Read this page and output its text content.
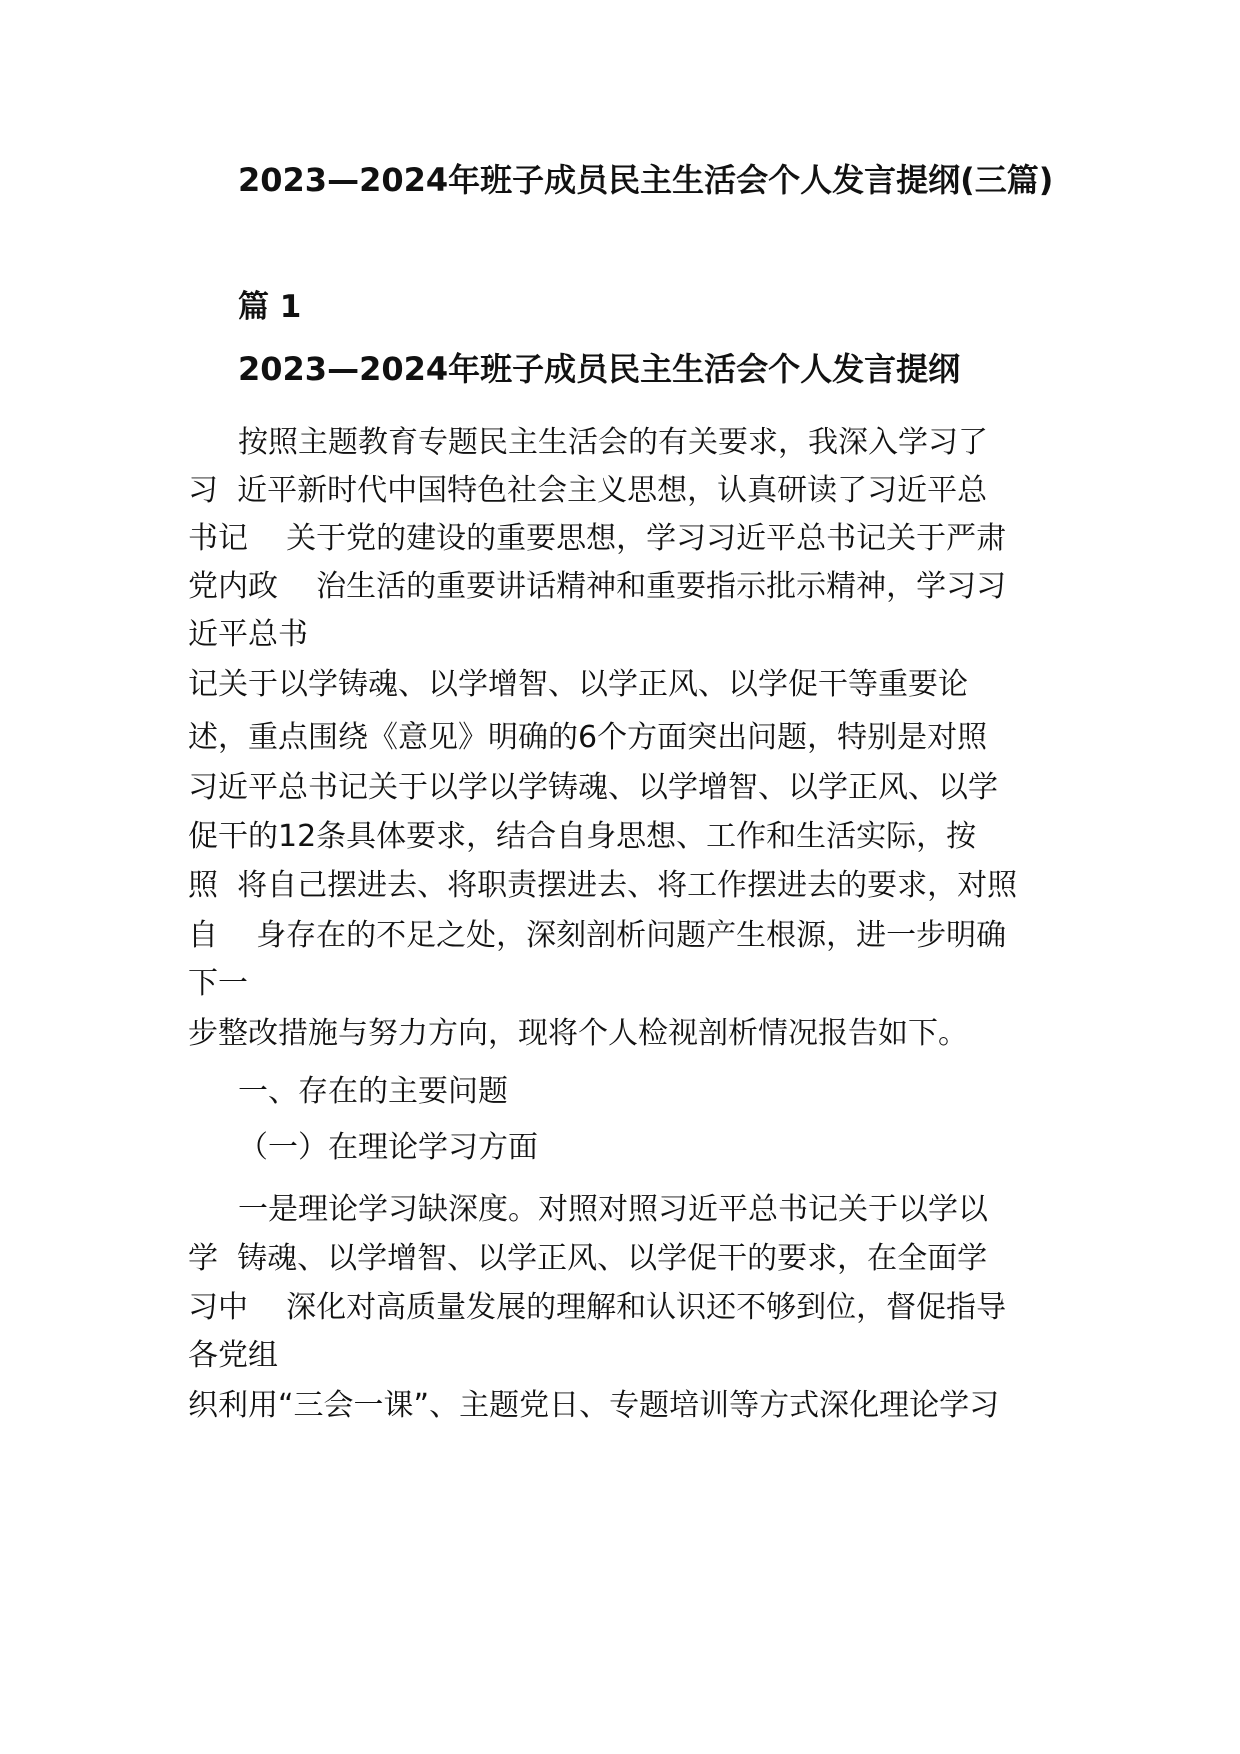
2023—2024年班子成员民主生活会个人发言提纲(三篇)
篇 1
2023—2024年班子成员民主生活会个人发言提纲
按照主题教育专题民主生活会的有关要求，我深入学习了
习  近平新时代中国特色社会主义思想，认真研读了习近平总
书记    关于党的建设的重要思想，学习习近平总书记关于严肃
党内政    治生活的重要讲话精神和重要指示批示精神，学习习
近平总书
记关于以学铸魂、以学增智、以学正风、以学促干等重要论
述，重点围绕《意见》明确的6个方面突出问题，特别是对照
习近平总书记关于以学以学铸魂、以学增智、以学正风、以学
促干的12条具体要求，结合自身思想、工作和生活实际，按
照  将自己摆进去、将职责摆进去、将工作摆进去的要求，对照
自    身存在的不足之处，深刻剖析问题产生根源，进一步明确
下一
步整改措施与努力方向，现将个人检视剖析情况报告如下。
一、存在的主要问题
（一）在理论学习方面
一是理论学习缺深度。对照对照习近平总书记关于以学以
学  铸魂、以学增智、以学正风、以学促干的要求，在全面学
习中    深化对高质量发展的理解和认识还不够到位，督促指导
各党组
织利用“三会一课”、主题党日、专题培训等方式深化理论学习
